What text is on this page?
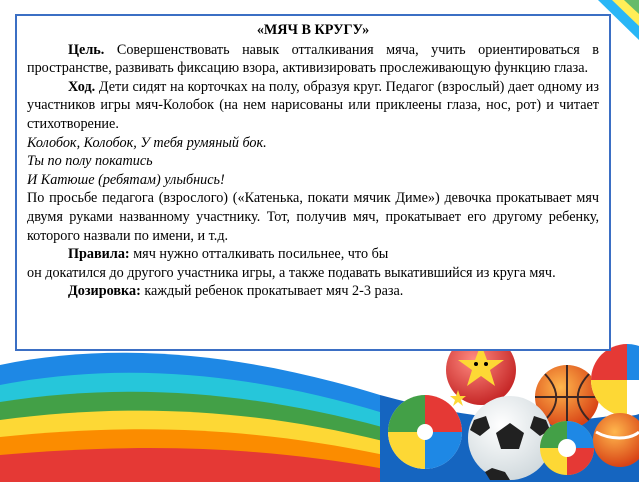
«МЯЧ В КРУГУ»

Цель. Совершенствовать навык отталкивания мяча, учить ориентироваться в пространстве, развивать фиксацию взора, активизировать прослеживающую функцию глаза.

Ход. Дети сидят на корточках на полу, образуя круг. Педагог (взрослый) дает одному из участников игры мяч-Колобок (на нем нарисованы или приклеены глаза, нос, рот) и читает стихотворение.

Колобок, Колобок, У тебя румяный бок.

Ты по полу покатись

И Катюше (ребятам) улыбнись!

По просьбе педагога (взрослого) («Катенька, покати мячик Диме») девочка прокатывает мяч двумя руками названному участнику. Тот, получив мяч, прокатывает его другому ребенку, которого назвали по имени, и т.д.

Правила: мяч нужно отталкивать посильнее, что бы

он докатился до другого участника игры, а также подавать выкатившийся из круга мяч.

Дозировка: каждый ребенок прокатывает мяч 2-3 раза.
